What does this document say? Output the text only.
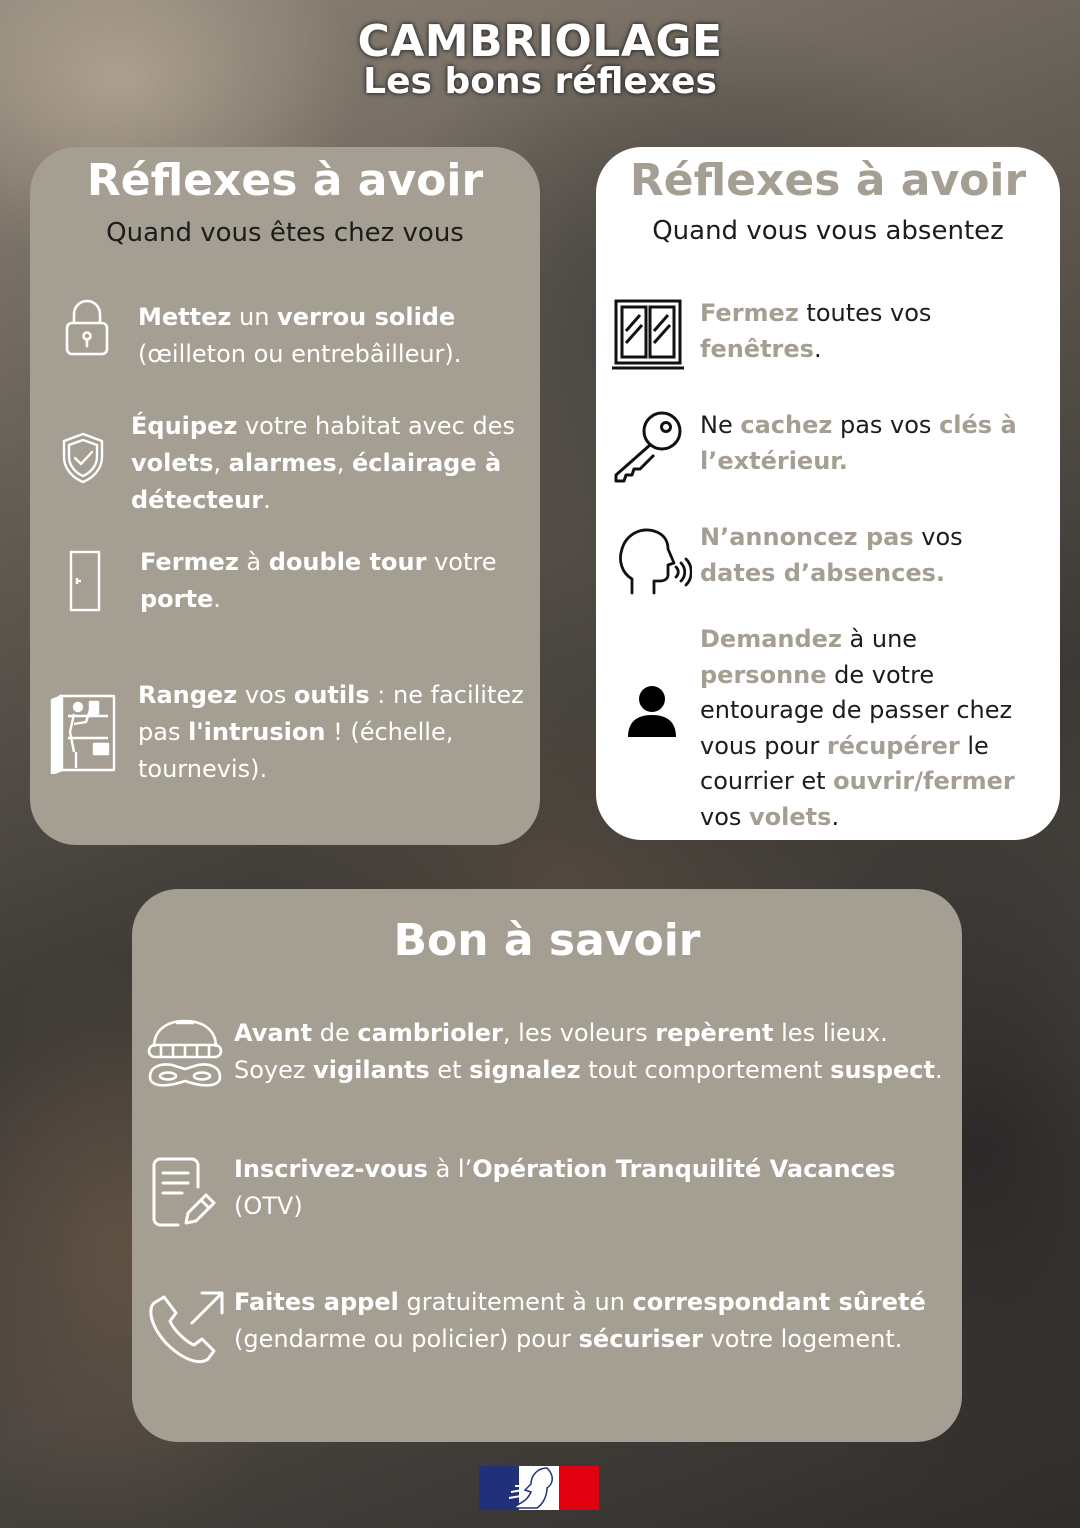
CAMBRIOLAGE
Les bons réflexes
Réflexes à avoir
Quand vous êtes chez vous
Mettez un verrou solide (œilleton ou entrebâilleur).
Équipez votre habitat avec des volets, alarmes, éclairage à détecteur.
Fermez à double tour votre porte.
Rangez vos outils : ne facilitez pas l'intrusion ! (échelle, tournevis).
Réflexes à avoir
Quand vous vous absentez
Fermez toutes vos fenêtres.
Ne cachez pas vos clés à l’extérieur.
N’annoncez pas vos dates d’absences.
Demandez à une personne de votre entourage de passer chez vous pour récupérer le courrier et ouvrir/fermer vos volets.
Bon à savoir
Avant de cambrioler, les voleurs repèrent les lieux. Soyez vigilants et signalez tout comportement suspect.
Inscrivez-vous à l’Opération Tranquilité Vacances (OTV)
Faites appel gratuitement à un correspondant sûreté (gendarme ou policier) pour sécuriser votre logement.
